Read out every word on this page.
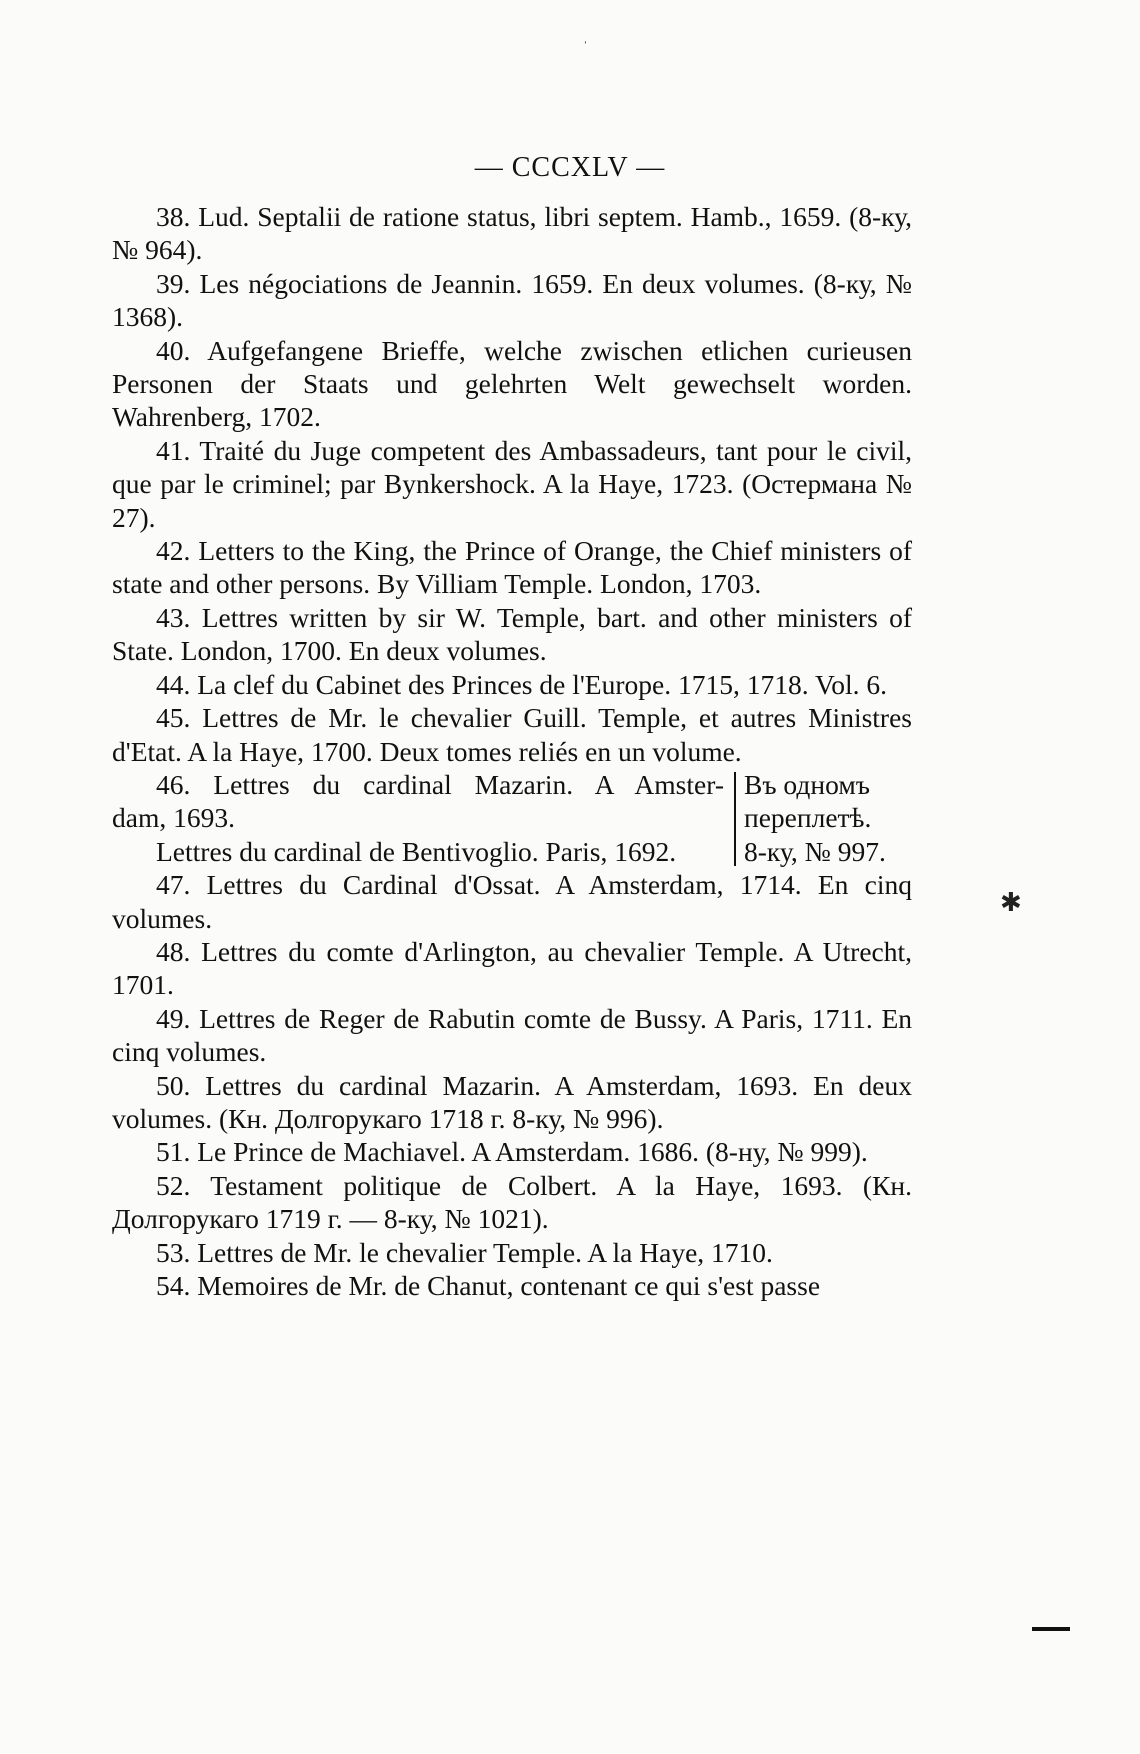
— CCCXLV —

38. Lud. Septalii de ratione status, libri septem. Hamb., 1659. (8-ку, № 964).

39. Les négociations de Jeannin. 1659. En deux volumes. (8-ку, № 1368).

40. Aufgefangene Brieffe, welche zwischen etlichen curieusen Personen der Staats und gelehrten Welt gewechselt worden. Wahrenberg, 1702.

41. Traité du Juge competent des Ambassadeurs, tant pour le civil, que par le criminel; par Bynkershock. A la Haye, 1723. (Остермана № 27).

42. Letters to the King, the Prince of Orange, the Chief ministers of state and other persons. By Villiam Temple. London, 1703.

43. Lettres written by sir W. Temple, bart. and other ministers of State. London, 1700. En deux volumes.

44. La clef du Cabinet des Princes de l'Europe. 1715, 1718. Vol. 6.

45. Lettres de Mr. le chevalier Guill. Temple, et autres Ministres d'Etat. A la Haye, 1700. Deux tomes reliés en un volume.

46. Lettres du cardinal Mazarin. A Amster-
dam, 1693.
Lettres du cardinal de Bentivoglio. Paris, 1692.
Въ одномъ
переплетѣ.
8-ку, № 997.

47. Lettres du Cardinal d'Ossat. A Amsterdam, 1714. En cinq volumes.

48. Lettres du comte d'Arlington, au chevalier Temple. A Utrecht, 1701.

49. Lettres de Reger de Rabutin comte de Bussy. A Paris, 1711. En cinq volumes.

50. Lettres du cardinal Mazarin. A Amsterdam, 1693. En deux volumes. (Кн. Долгорукаго 1718 г. 8-ку, № 996).

51. Le Prince de Machiavel. A Amsterdam. 1686. (8-ну, № 999).

52. Testament politique de Colbert. A la Haye, 1693. (Кн. Долгорукаго 1719 г. — 8-ку, № 1021).

53. Lettres de Mr. le chevalier Temple. A la Haye, 1710.

54. Memoires de Mr. de Chanut, contenant ce qui s'est passe

ˈ
✱
